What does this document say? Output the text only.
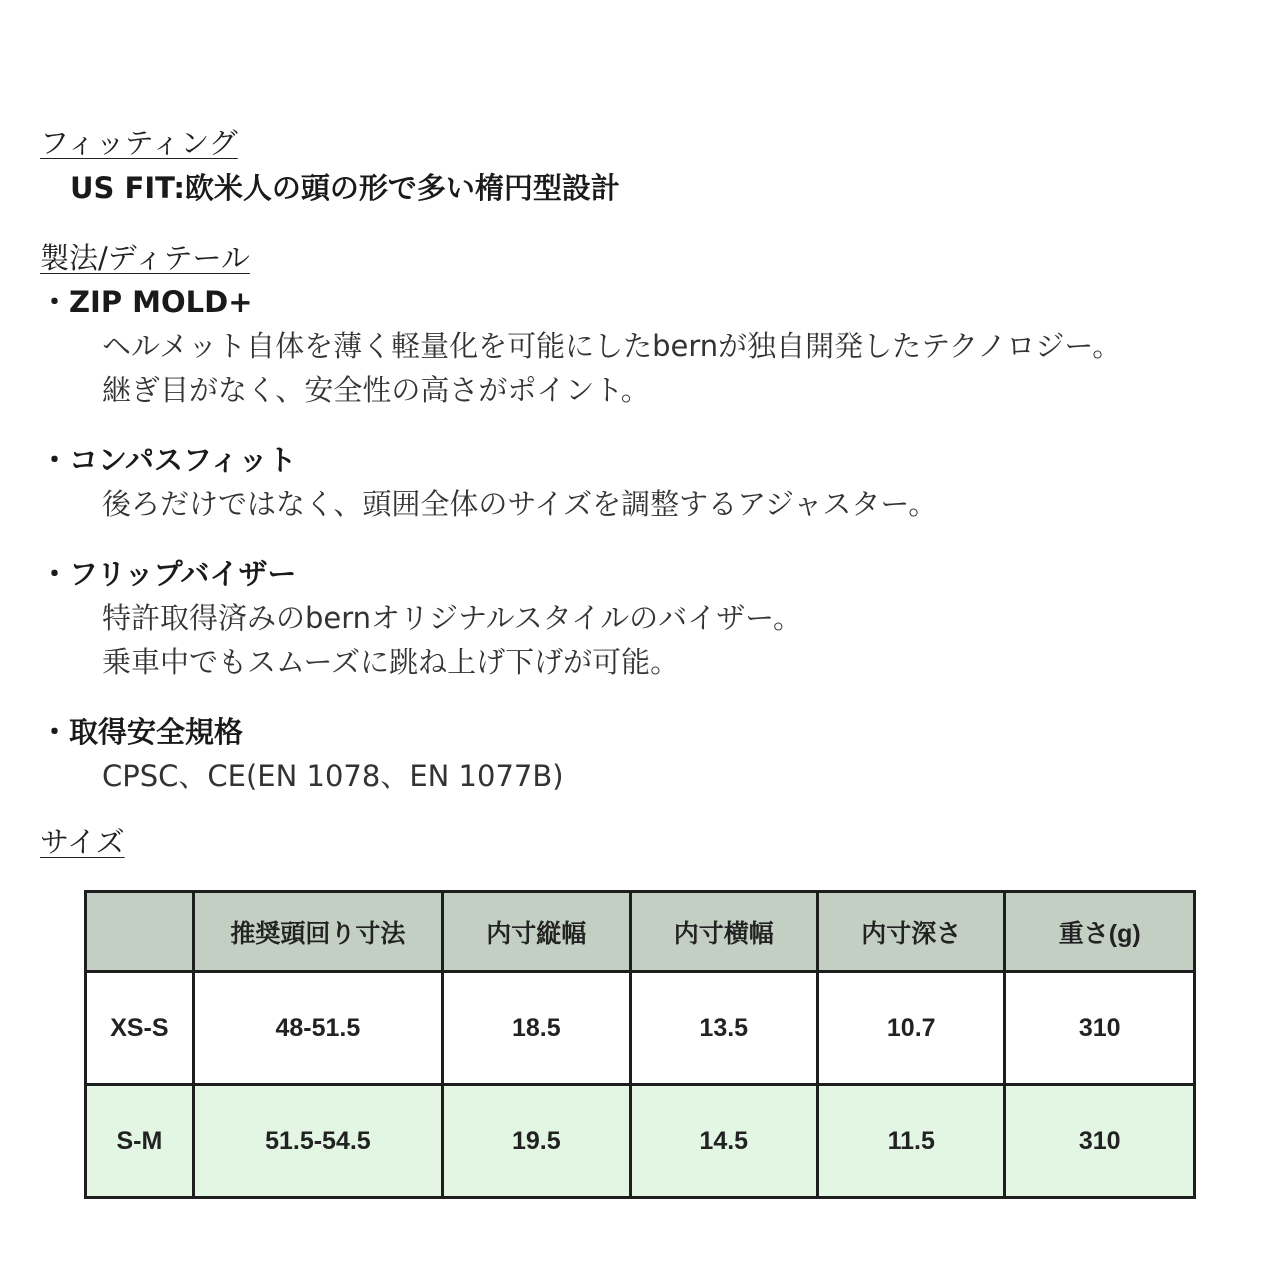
フィッティング
US FIT:欧米人の頭の形で多い楕円型設計
製法/ディテール
・ZIP MOLD+
ヘルメット自体を薄く軽量化を可能にしたbernが独自開発したテクノロジー。
継ぎ目がなく、安全性の高さがポイント。
・コンパスフィット
後ろだけではなく、頭囲全体のサイズを調整するアジャスター。
・フリップバイザー
特許取得済みのbernオリジナルスタイルのバイザー。
乗車中でもスムーズに跳ね上げ下げが可能。
・取得安全規格
CPSC、CE(EN 1078、EN 1077B)
サイズ
	推奨頭回り寸法	内寸縦幅	内寸横幅	内寸深さ	重さ(g)
XS-S	48-51.5	18.5	13.5	10.7	310
S-M	51.5-54.5	19.5	14.5	11.5	310
